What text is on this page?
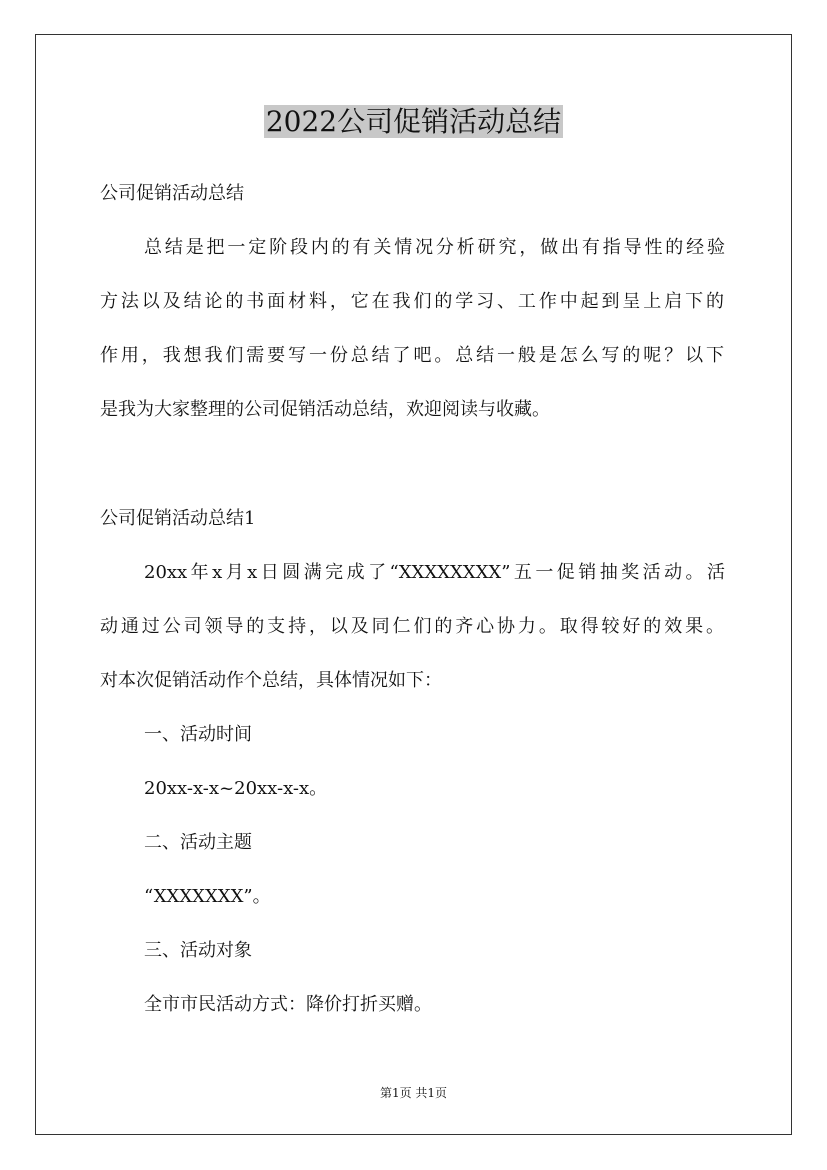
2022公司促销活动总结
公司促销活动总结
总结是把一定阶段内的有关情况分析研究，做出有指导性的经验
方法以及结论的书面材料，它在我们的学习、工作中起到呈上启下的
作用，我想我们需要写一份总结了吧。总结一般是怎么写的呢？以下
是我为大家整理的公司促销活动总结，欢迎阅读与收藏。
公司促销活动总结1
20xx年x月x日圆满完成了“XXXXXXXX”五一促销抽奖活动。活
动通过公司领导的支持，以及同仁们的齐心协力。取得较好的效果。
对本次促销活动作个总结，具体情况如下：
一、活动时间
20xx-x-x~20xx-x-x。
二、活动主题
“XXXXXXX”。
三、活动对象
全市市民活动方式：降价打折买赠。
第1页 共1页
